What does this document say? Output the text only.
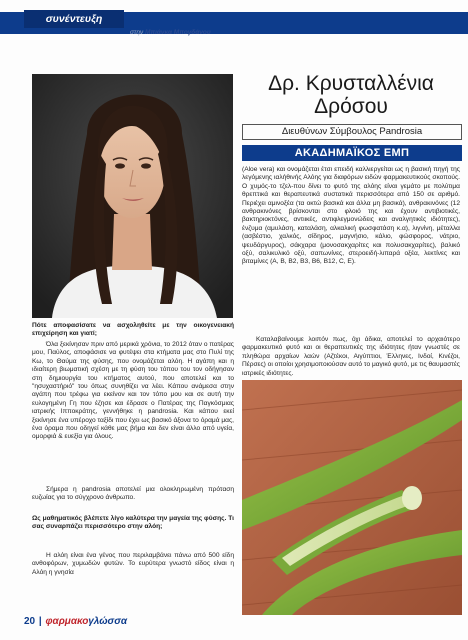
συνέντευξη
στην Μπιάνκα Μπογδάνου
Δρ. Κρυσταλλένια
Δρόσου
Διευθύνων Σύμβουλος Pandrosia
ΑΚΑΔΗΜΑΪΚΟΣ ΕΜΠ

(Aloe vera) και ονομάζεται έτσι επειδή καλλιεργείται ως η βασική πηγή της λεγόμενης ιαλήθινής Αλόης για διαφόρων ειδών φαρμακευτικούς σκοπούς. Ο χυμός-το τζελ-που δίνει το φυτό της αλόης είναι γεμάτο με πολύτιμα θρεπτικά και θεραπευτικά συστατικά περισσότερα από 150 σε αριθμό. Περιέχει αμινοξέα (τα οκτώ βασικά και άλλα μη βασικά), ανθρακινόνες (12 ανθρακινόνες βρίσκονται στο φλοιό της και έχουν αντιβιοτικές, βακτηριοκτόνες, αντιικές, αντιφλεγμονώδεις και αναλγητικές ιδιότητες), ένζυμα (αμυλάση, καταλάση, αλκαλική φωσφατάση κ.α), λιγνίνη, μέταλλα (ασβέστιο, χαλκός, σίδηρος, μαγνήσιο, κάλιο, φώσφορος, νάτριο, ψευδάργυρος), σάκχαρα (μονοσακχαρίτες και πολυσακχαρίτες), βαλικό οξύ, σαλικυλικό οξύ, σαπωνίνες, στεροειδή-λιπαρά οξέα, λεκτίνες και βιταμίνες (A, B, B2, B3, B6, B12, C, E).

Καταλαβαίνουμε λοιπόν πως, όχι άδικα, αποτελεί το αρχαιότερο φαρμακευτικό φυτό και οι θεραπευτικές της ιδιότητες ήταν γνωστές σε πληθώρα αρχαίων λαών (Αζτέκοι, Αιγύπτιοι, Έλληνες, Ινδοί, Κινέζοι, Πέρσες) οι οποίοι χρησιμοποιούσαν αυτό το μαγικό φυτό, με τις θαυμαστές ιατρικές ιδιότητες.

Πότε αποφασίσατε να ασχοληθείτε με την οικογενειακή επιχείρηση και γιατί;

Όλα ξεκίνησαν πριν από μερικά χρόνια, το 2012 όταν ο πατέρας μου, Παύλος, αποφάσισε να φυτέψει στα κτήματα μας στο Πυλί της Κω, το Θαύμα της φύσης, που ονομάζεται αλόη. Η αγάπη και η ιδιαίτερη βιωματική σχέση με τη φύση του τόπου του τον οδήγησαν στη δημιουργία του κτήματος αυτού, που αποτελεί και το "ησυχαστήριό" του όπως συνηθίζει να λέει. Κάπου ανάμεσα στην αγάπη που τρέφω για εκείνον και τον τόπο μου και σε αυτή την ευλογημένη Γη που έζησε και έδρασε ο Πατέρας της Παγκόσμιας ιατρικής Ιπποκράτης, γεννήθηκε η pandrosia. Και κάπου εκεί ξεκίνησε ένα υπέροχο ταξίδι που έχει ως βασικό άξονα το όραμά μας, ένα όραμα που οδηγεί κάθε μας βήμα και δεν είναι άλλο από υγεία, ομορφιά & ευεξία για όλους.

Σήμερα η pandrosia αποτελεί μια ολοκληρωμένη πρόταση ευζωίας για το σύγχρονο άνθρωπο.

Ως μαθηματικός βλέπετε λίγο καλύτερα την μαγεία της φύσης. Τι σας συναρπάζει περισσότερο στην αλόη;

Η αλόη είναι ένα γένος που περιλαμβάνει πάνω από 500 είδη ανθοφόρων, χυμωδών φυτών. Το ευρύτερα γνωστό είδος είναι η Αλόη η γνησία

20 | φαρμακογλώσσα
